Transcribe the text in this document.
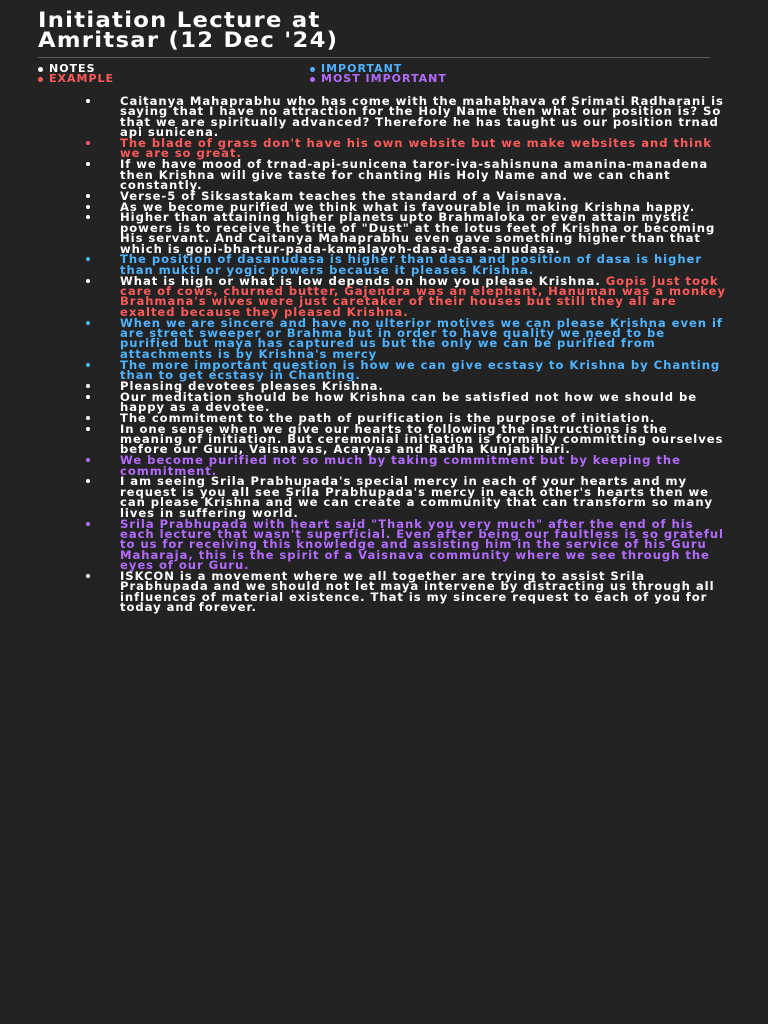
Initiation Lecture at
Amritsar (12 Dec '24)
NOTES	IMPORTANT
EXAMPLE	MOST IMPORTANT
Caitanya Mahaprabhu who has come with the mahabhava of Srimati Radharani is saying that I have no attraction for the Holy Name then what our position is? So that we are spiritually advanced? Therefore he has taught us our position trnad api sunicena.
The blade of grass don't have his own website but we make websites and think we are so great.
If we have mood of trnad-api-sunicena taror-iva-sahisnuna amanina-manadena then Krishna will give taste for chanting His Holy Name and we can chant constantly.
Verse-5 of Siksastakam teaches the standard of a Vaisnava.
As we become purified we think what is favourable in making Krishna happy.
Higher than attaining higher planets upto Brahmaloka or even attain mystic powers is to receive the title of "Dust" at the lotus feet of Krishna or becoming His servant. And Caitanya Mahaprabhu even gave something higher than that which is gopi-bhartur-pada-kamalayoh-dasa-dasa-anudasa.
The position of dasanudasa is higher than dasa and position of dasa is higher than mukti or yogic powers because it pleases Krishna.
What is high or what is low depends on how you please Krishna. Gopis just took care of cows, churned butter, Gajendra was an elephant, Hanuman was a monkey Brahmana's wives were just caretaker of their houses but still they all are exalted because they pleased Krishna.
When we are sincere and have no ulterior motives we can please Krishna even if are street sweeper or Brahma but in order to have quality we need to be purified but maya has captured us but the only we can be purified from attachments is by Krishna's mercy
The more important question is how we can give ecstasy to Krishna by Chanting than to get ecstasy in Chanting.
Pleasing devotees pleases Krishna.
Our meditation should be how Krishna can be satisfied not how we should be happy as a devotee.
The commitment to the path of purification is the purpose of initiation.
In one sense when we give our hearts to following the instructions is the meaning of initiation. But ceremonial initiation is formally committing ourselves before our Guru, Vaisnavas, Acaryas and Radha Kunjabihari.
We become purified not so much by taking commitment but by keeping the commitment.
I am seeing Srila Prabhupada's special mercy in each of your hearts and my request is you all see Srila Prabhupada's mercy in each other's hearts then we can please Krishna and we can create a community that can transform so many lives in suffering world.
Srila Prabhupada with heart said "Thank you very much" after the end of his each lecture that wasn't superficial. Even after being our faultless is so grateful to us for receiving this knowledge and assisting him in the service of his Guru Maharaja, this is the spirit of a Vaisnava community where we see through the eyes of our Guru.
ISKCON is a movement where we all together are trying to assist Srila Prabhupada and we should not let maya intervene by distracting us through all influences of material existence. That is my sincere request to each of you for today and forever.
